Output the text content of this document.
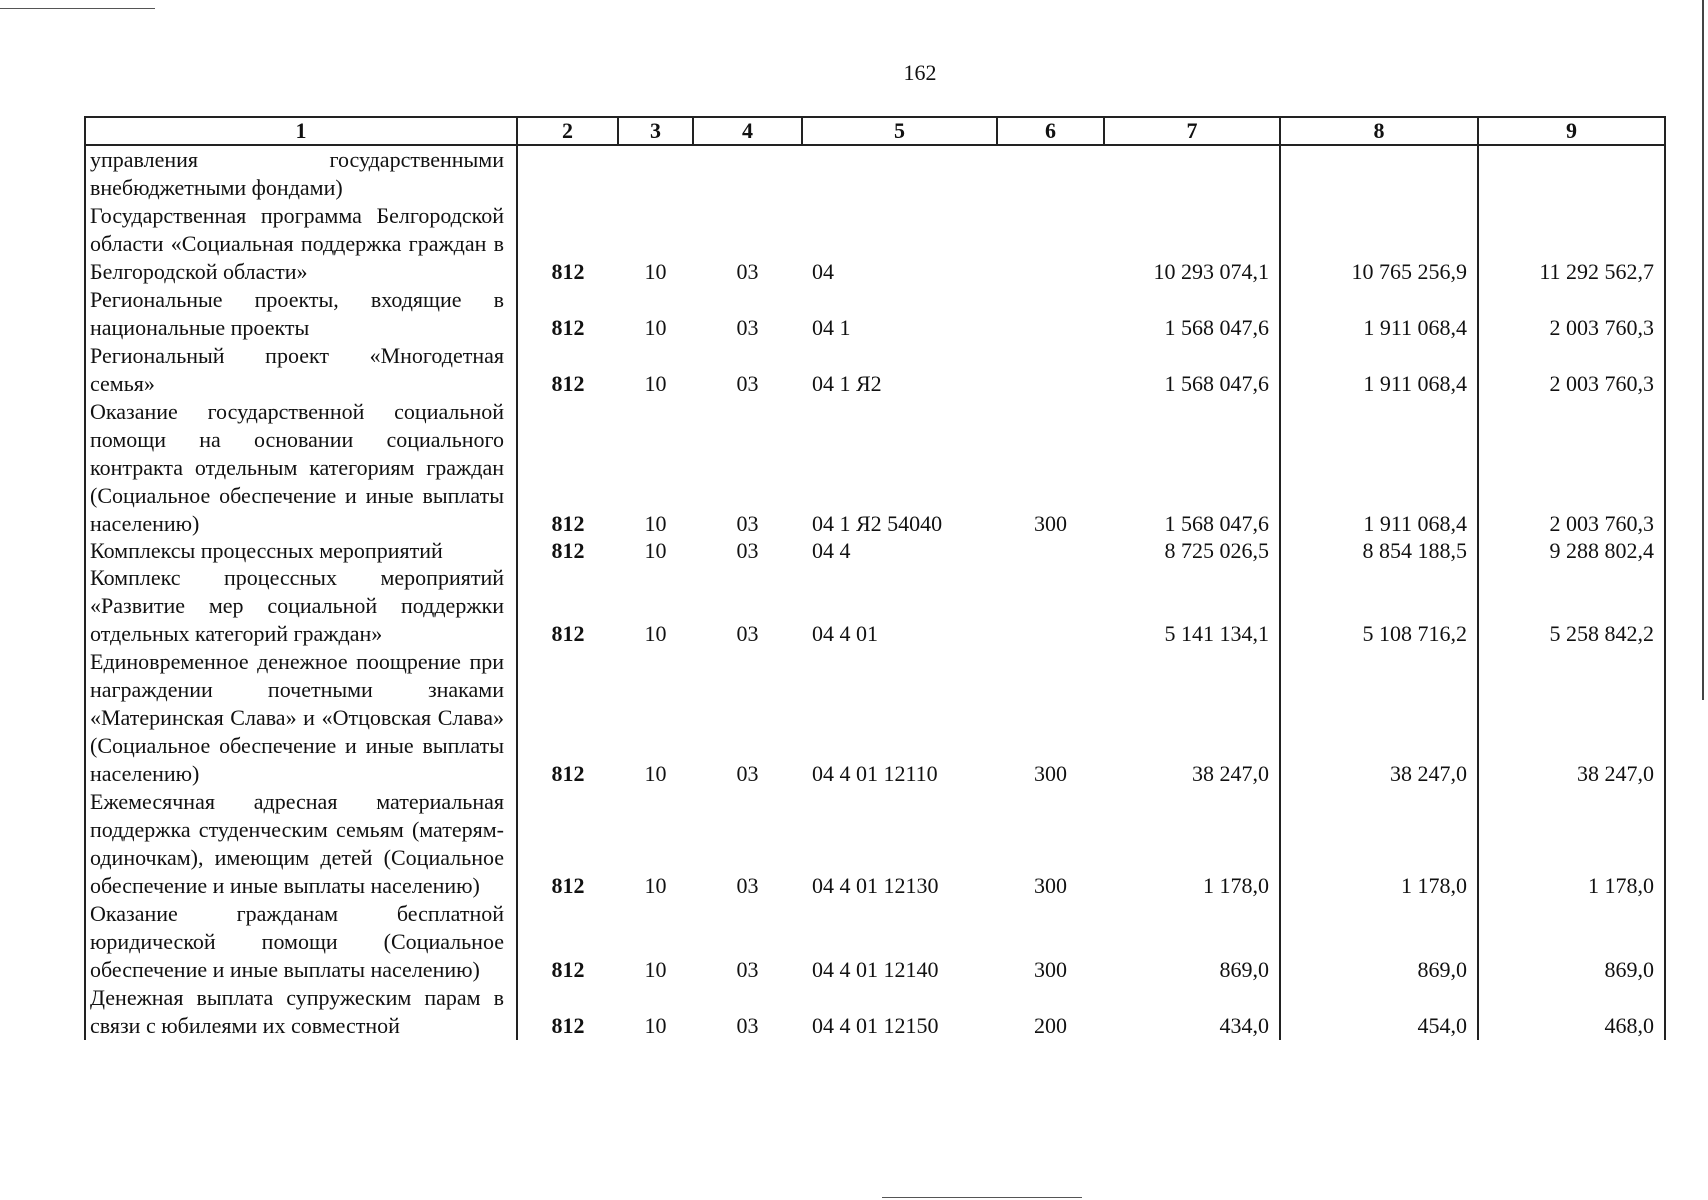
162
1	2	3	4	5	6	7	8	9
управления государственными внебюджетными фондами)								
Государственная программа Белгородской области «Социальная поддержка граждан в Белгородской области»	812	10	03	04		10 293 074,1	10 765 256,9	11 292 562,7
Региональные проекты, входящие в национальные проекты	812	10	03	04 1		1 568 047,6	1 911 068,4	2 003 760,3
Региональный проект «Многодетная семья»	812	10	03	04 1 Я2		1 568 047,6	1 911 068,4	2 003 760,3
Оказание государственной социальной помощи на основании социального контракта отдельным категориям граждан (Социальное обеспечение и иные выплаты населению)	812	10	03	04 1 Я2 54040	300	1 568 047,6	1 911 068,4	2 003 760,3
Комплексы процессных мероприятий	812	10	03	04 4		8 725 026,5	8 854 188,5	9 288 802,4
Комплекс процессных мероприятий «Развитие мер социальной поддержки отдельных категорий граждан»	812	10	03	04 4 01		5 141 134,1	5 108 716,2	5 258 842,2
Единовременное денежное поощрение при награждении почетными знаками «Материнская Слава» и «Отцовская Слава» (Социальное обеспечение и иные выплаты населению)	812	10	03	04 4 01 12110	300	38 247,0	38 247,0	38 247,0
Ежемесячная адресная материальная поддержка студенческим семьям (матерям-одиночкам), имеющим детей (Социальное обеспечение и иные выплаты населению)	812	10	03	04 4 01 12130	300	1 178,0	1 178,0	1 178,0
Оказание гражданам бесплатной юридической помощи (Социальное обеспечение и иные выплаты населению)	812	10	03	04 4 01 12140	300	869,0	869,0	869,0
Денежная выплата супружеским парам в связи с юбилеями их совместной	812	10	03	04 4 01 12150	200	434,0	454,0	468,0
